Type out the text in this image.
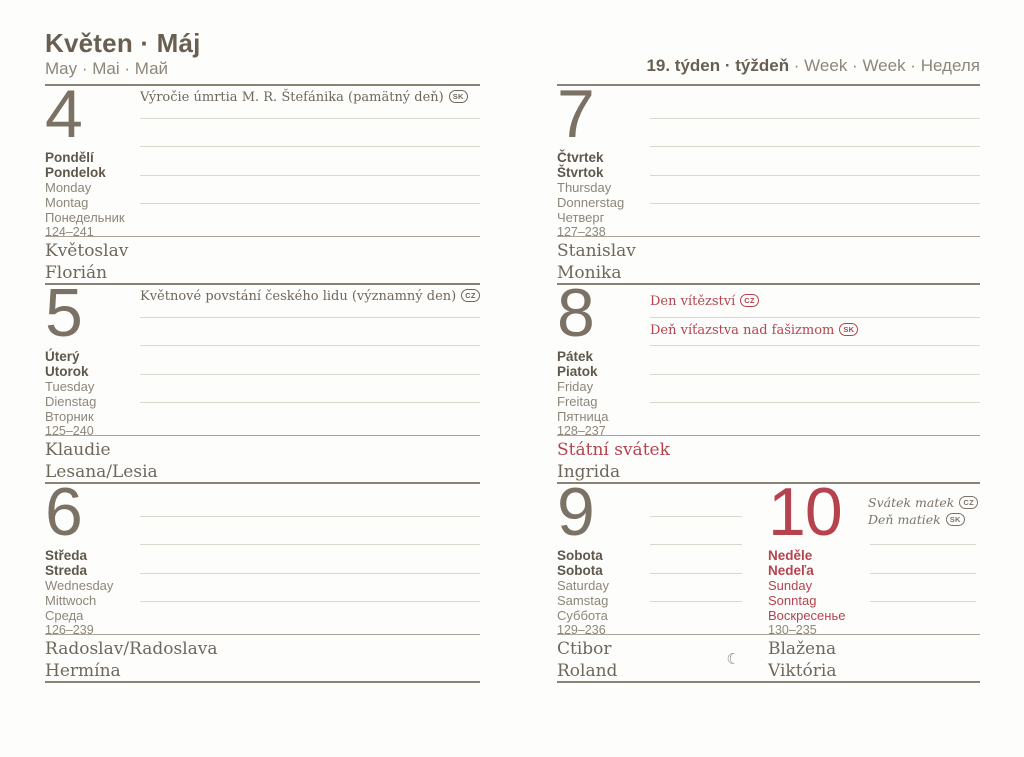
Květen · Máj
May · Mai · Май	19. týden · týždeň · Week · Week · Неделя
4
Pondělí
Pondelok
Monday
Montag
Понедельник
124–241
Výročie úmrtia M. R. Štefánika (pamätný deň) SK
Květoslav
Florián
5
Úterý
Utorok
Tuesday
Dienstag
Вторник
125–240
Květnové povstání českého lidu (významný den) CZ
Klaudie
Lesana/Lesia
6
Středa
Streda
Wednesday
Mittwoch
Среда
126–239
Radoslav/Radoslava
Hermína
7
Čtvrtek
Štvrtok
Thursday
Donnerstag
Четверг
127–238
Stanislav
Monika
8
Pátek
Piatok
Friday
Freitag
Пятница
128–237
Den vítězství CZ
Deň víťazstva nad fašizmom SK
Státní svátek
Ingrida
9
Sobota
Sobota
Saturday
Samstag
Суббота
129–236
Ctibor
Roland
☾
10
Neděle
Nedeľa
Sunday
Sonntag
Воскресенье
130–235
Svátek matek CZ
Deň matiek SK
Blažena
Viktória
